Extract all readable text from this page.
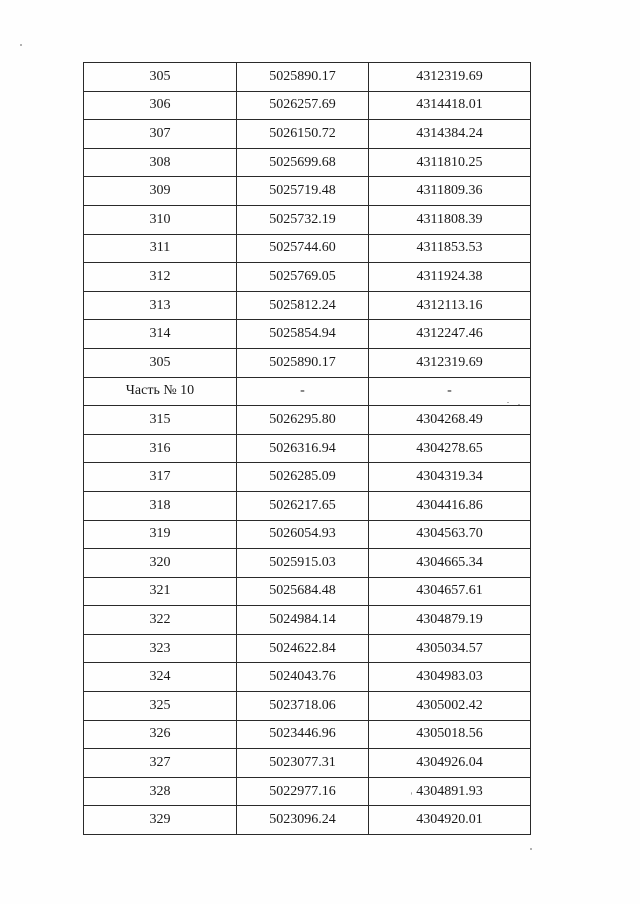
305	5025890.17	4312319.69
306	5026257.69	4314418.01
307	5026150.72	4314384.24
308	5025699.68	4311810.25
309	5025719.48	4311809.36
310	5025732.19	4311808.39
311	5025744.60	4311853.53
312	5025769.05	4311924.38
313	5025812.24	4312113.16
314	5025854.94	4312247.46
305	5025890.17	4312319.69
Часть № 10	-	-
315	5026295.80	4304268.49
316	5026316.94	4304278.65
317	5026285.09	4304319.34
318	5026217.65	4304416.86
319	5026054.93	4304563.70
320	5025915.03	4304665.34
321	5025684.48	4304657.61
322	5024984.14	4304879.19
323	5024622.84	4305034.57
324	5024043.76	4304983.03
325	5023718.06	4305002.42
326	5023446.96	4305018.56
327	5023077.31	4304926.04
328	5022977.16	4304891.93
329	5023096.24	4304920.01
